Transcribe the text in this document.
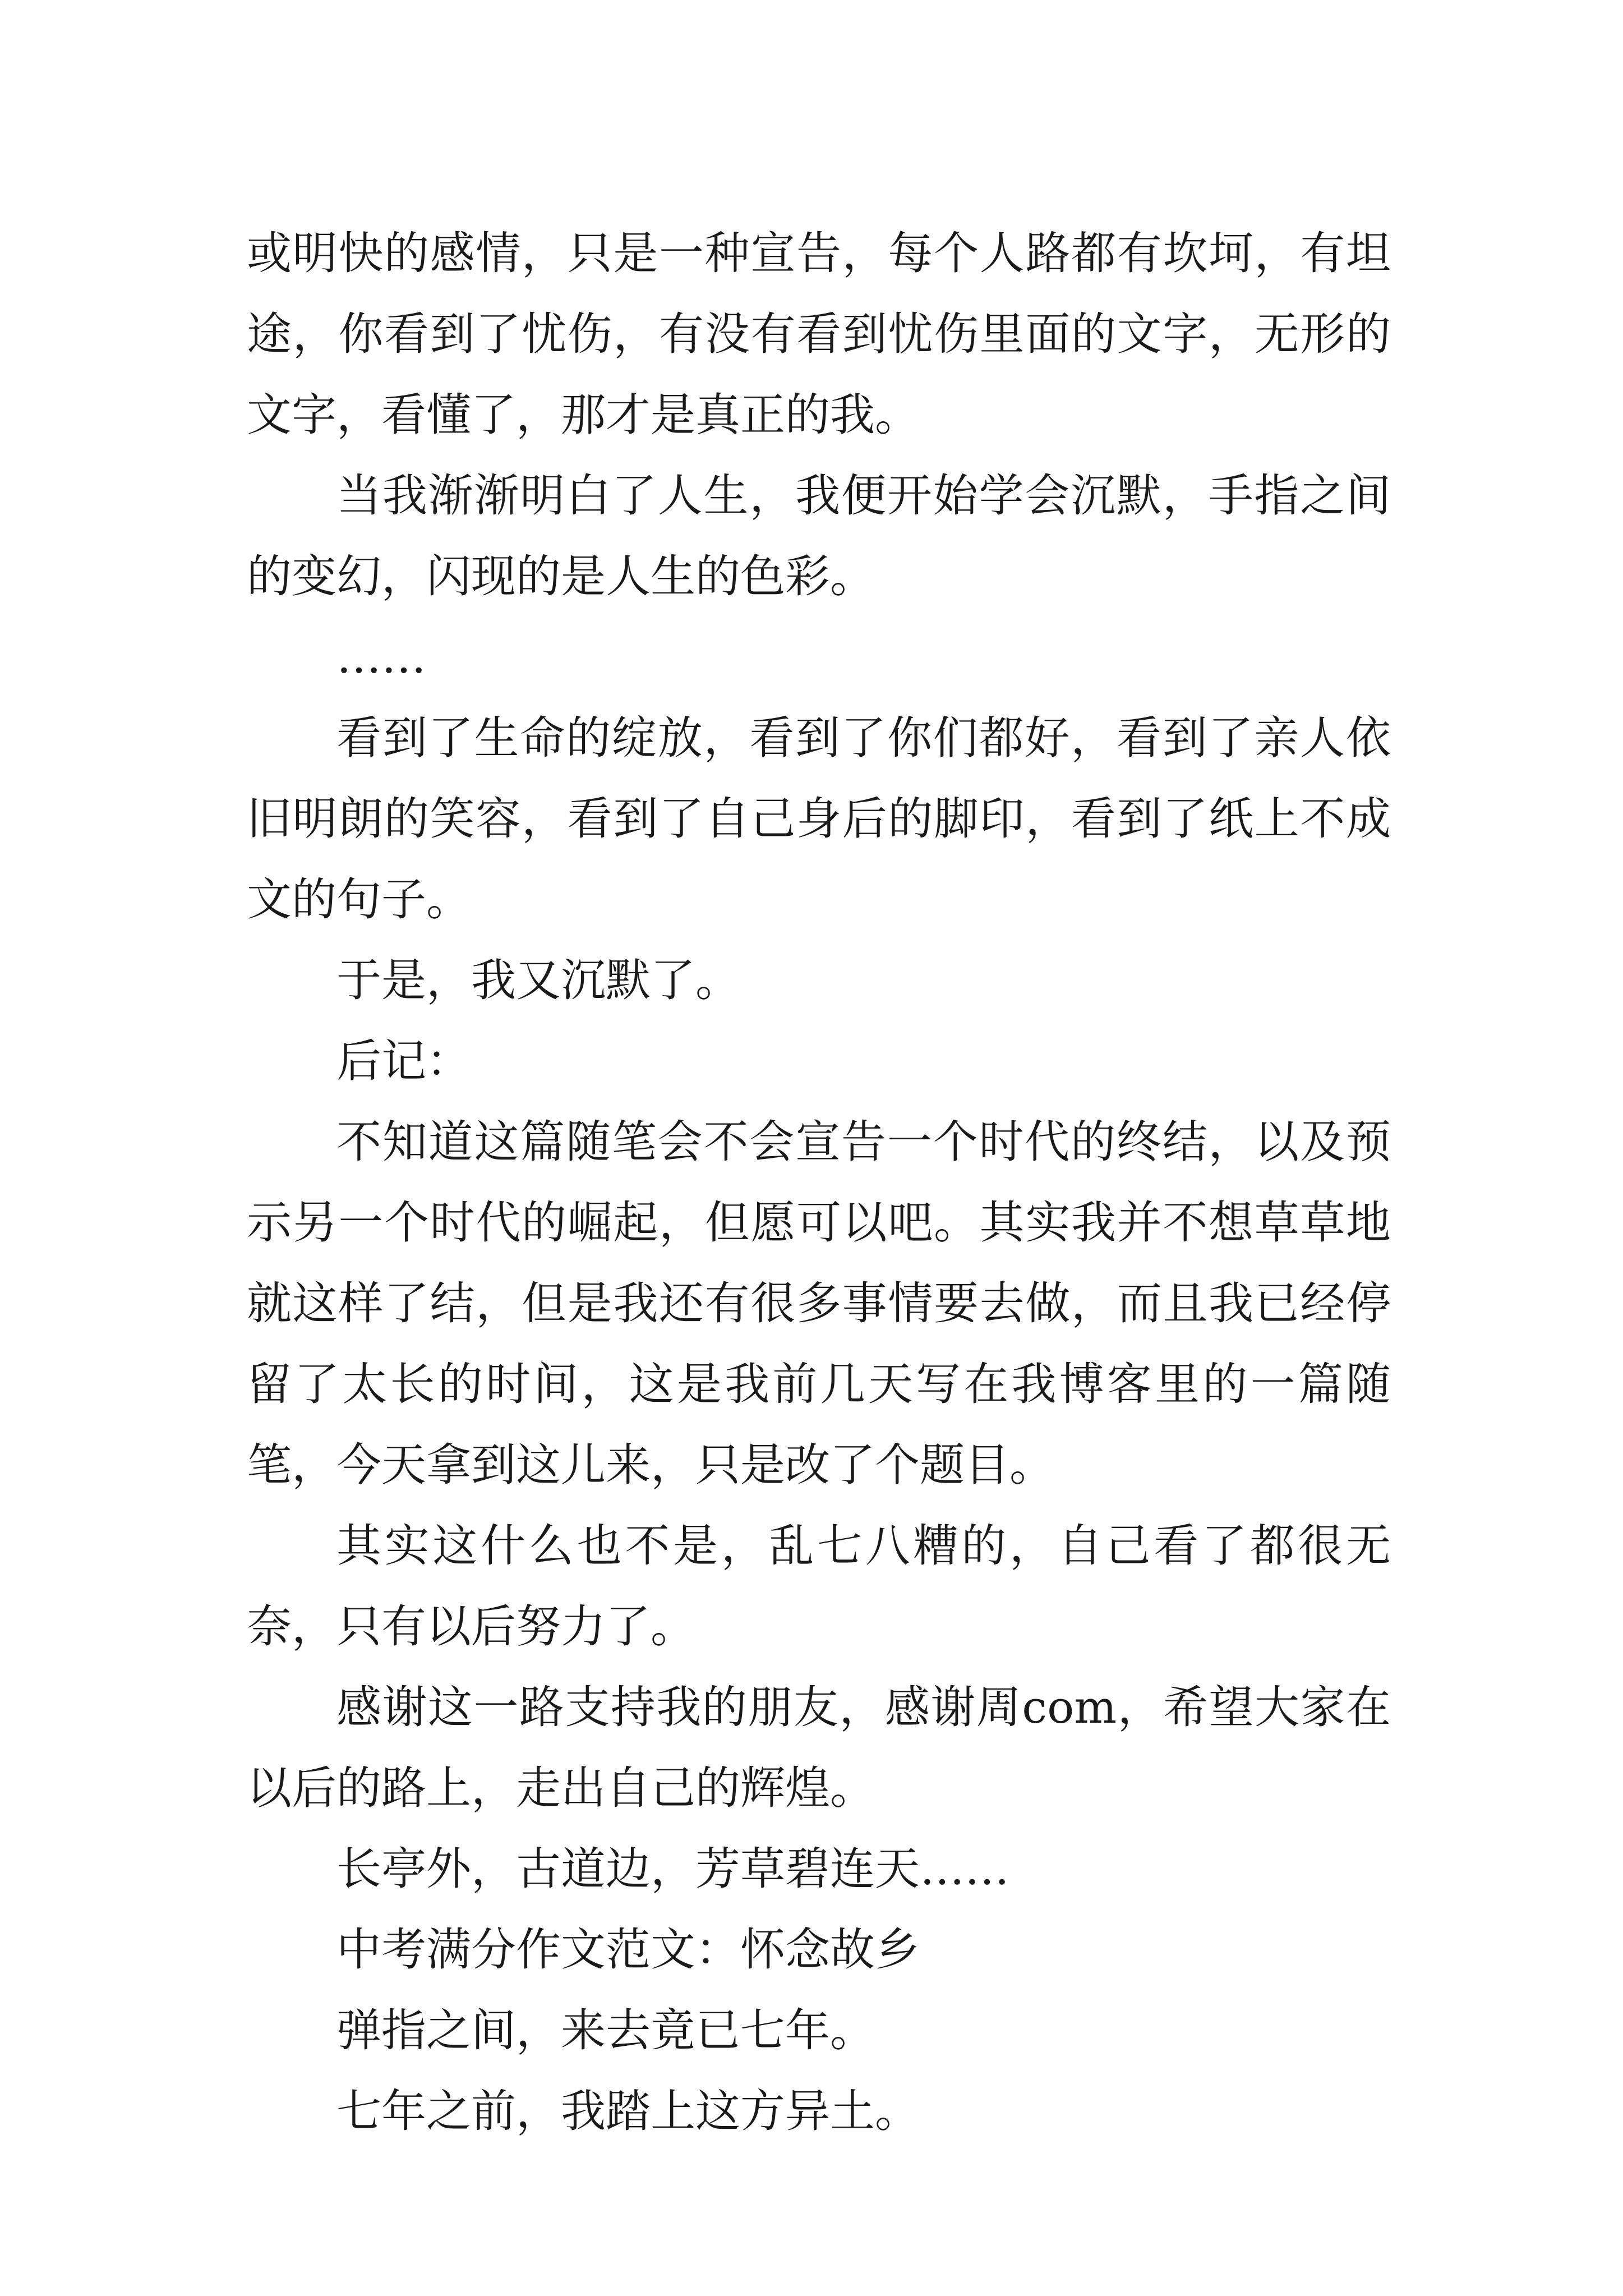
或明快的感情，只是一种宣告，每个人路都有坎坷，有坦途，你看到了忧伤，有没有看到忧伤里面的文字，无形的文字，看懂了，那才是真正的我。

当我渐渐明白了人生，我便开始学会沉默，手指之间的变幻，闪现的是人生的色彩。

……

看到了生命的绽放，看到了你们都好，看到了亲人依旧明朗的笑容，看到了自己身后的脚印，看到了纸上不成文的句子。

于是，我又沉默了。

后记：

不知道这篇随笔会不会宣告一个时代的终结，以及预示另一个时代的崛起，但愿可以吧。其实我并不想草草地就这样了结，但是我还有很多事情要去做，而且我已经停留了太长的时间，这是我前几天写在我博客里的一篇随笔，今天拿到这儿来，只是改了个题目。

其实这什么也不是，乱七八糟的，自己看了都很无奈，只有以后努力了。

感谢这一路支持我的朋友，感谢周com，希望大家在以后的路上，走出自己的辉煌。

长亭外，古道边，芳草碧连天……

中考满分作文范文：怀念故乡

弹指之间，来去竟已七年。

七年之前，我踏上这方异土。
